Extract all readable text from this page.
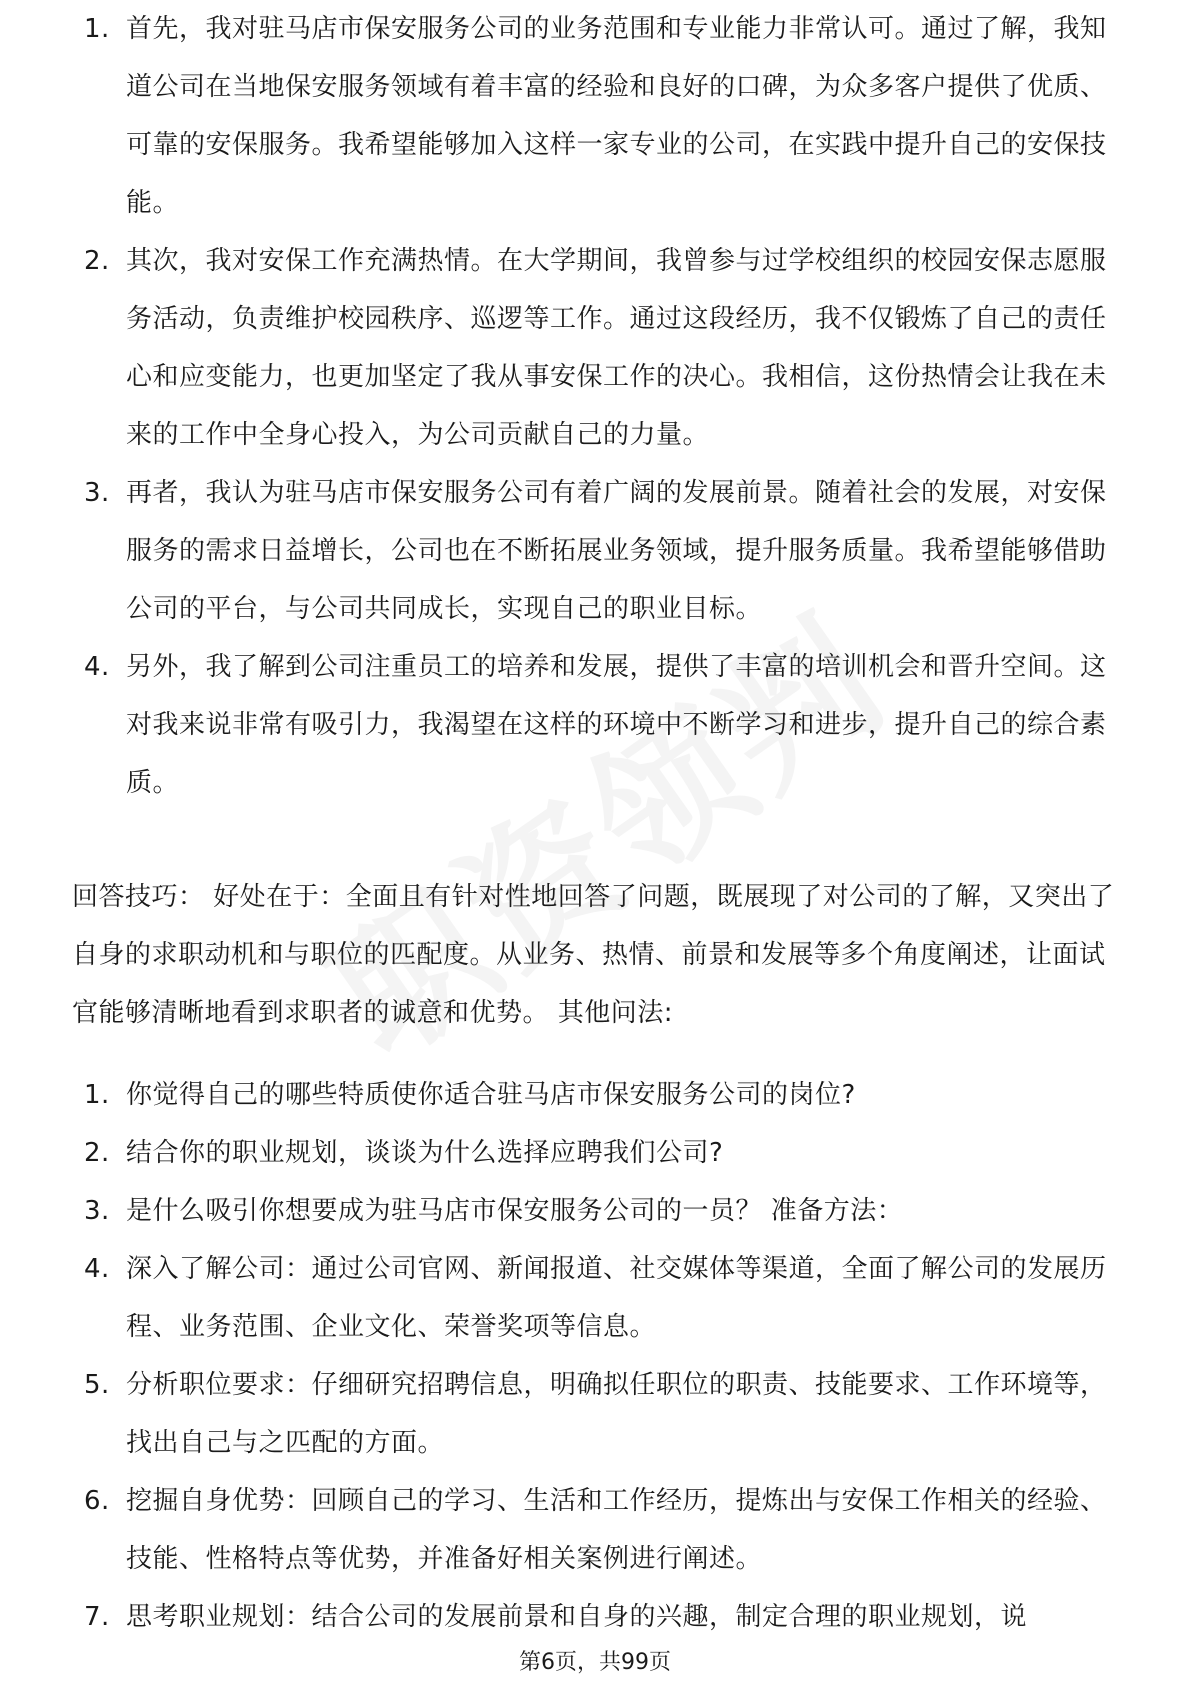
1. 首先，我对驻马店市保安服务公司的业务范围和专业能力非常认可。通过了解，我知道公司在当地保安服务领域有着丰富的经验和良好的口碑，为众多客户提供了优质、可靠的安保服务。我希望能够加入这样一家专业的公司，在实践中提升自己的安保技能。
2. 其次，我对安保工作充满热情。在大学期间，我曾参与过学校组织的校园安保志愿服务活动，负责维护校园秩序、巡逻等工作。通过这段经历，我不仅锻炼了自己的责任心和应变能力，也更加坚定了我从事安保工作的决心。我相信，这份热情会让我在未来的工作中全身心投入，为公司贡献自己的力量。
3. 再者，我认为驻马店市保安服务公司有着广阔的发展前景。随着社会的发展，对安保服务的需求日益增长，公司也在不断拓展业务领域，提升服务质量。我希望能够借助公司的平台，与公司共同成长，实现自己的职业目标。
4. 另外，我了解到公司注重员工的培养和发展，提供了丰富的培训机会和晋升空间。这对我来说非常有吸引力，我渴望在这样的环境中不断学习和进步，提升自己的综合素质。
回答技巧： 好处在于：全面且有针对性地回答了问题，既展现了对公司的了解，又突出了自身的求职动机和与职位的匹配度。从业务、热情、前景和发展等多个角度阐述，让面试官能够清晰地看到求职者的诚意和优势。 其他问法:
1. 你觉得自己的哪些特质使你适合驻马店市保安服务公司的岗位?
2. 结合你的职业规划，谈谈为什么选择应聘我们公司?
3. 是什么吸引你想要成为驻马店市保安服务公司的一员？ 准备方法：
4. 深入了解公司：通过公司官网、新闻报道、社交媒体等渠道，全面了解公司的发展历程、业务范围、企业文化、荣誉奖项等信息。
5. 分析职位要求：仔细研究招聘信息，明确拟任职位的职责、技能要求、工作环境等，找出自己与之匹配的方面。
6. 挖掘自身优势：回顾自己的学习、生活和工作经历，提炼出与安保工作相关的经验、技能、性格特点等优势，并准备好相关案例进行阐述。
7. 思考职业规划：结合公司的发展前景和自身的兴趣，制定合理的职业规划，说
第6页，共99页
